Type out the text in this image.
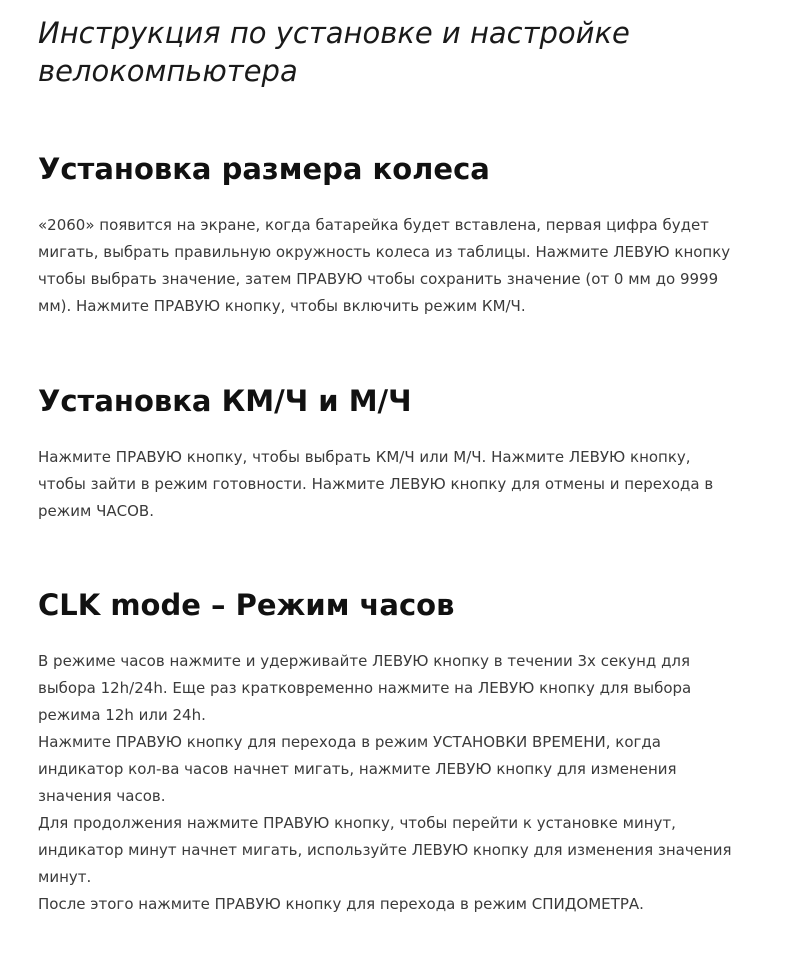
Инструкция по установке и настройке
велокомпьютера
Установка размера колеса

«2060» появится на экране, когда батарейка будет вставлена, первая цифра будет
мигать, выбрать правильную окружность колеса из таблицы. Нажмите ЛЕВУЮ кнопку
чтобы выбрать значение, затем ПРАВУЮ чтобы сохранить значение (от 0 мм до 9999
мм). Нажмите ПРАВУЮ кнопку, чтобы включить режим КМ/Ч.

Установка КМ/Ч и М/Ч

Нажмите ПРАВУЮ кнопку, чтобы выбрать КМ/Ч или М/Ч. Нажмите ЛЕВУЮ кнопку,
чтобы зайти в режим готовности. Нажмите ЛЕВУЮ кнопку для отмены и перехода в
режим ЧАСОВ.

CLK mode – Режим часов

В режиме часов нажмите и удерживайте ЛЕВУЮ кнопку в течении 3х секунд для
выбора 12h/24h. Еще раз кратковременно нажмите на ЛЕВУЮ кнопку для выбора
режима 12h или 24h.
Нажмите ПРАВУЮ кнопку для перехода в режим УСТАНОВКИ ВРЕМЕНИ, когда
индикатор кол-ва часов начнет мигать, нажмите ЛЕВУЮ кнопку для изменения
значения часов.
Для продолжения нажмите ПРАВУЮ кнопку, чтобы перейти к установке минут,
индикатор минут начнет мигать, используйте ЛЕВУЮ кнопку для изменения значения
минут.
После этого нажмите ПРАВУЮ кнопку для перехода в режим СПИДОМЕТРА.
